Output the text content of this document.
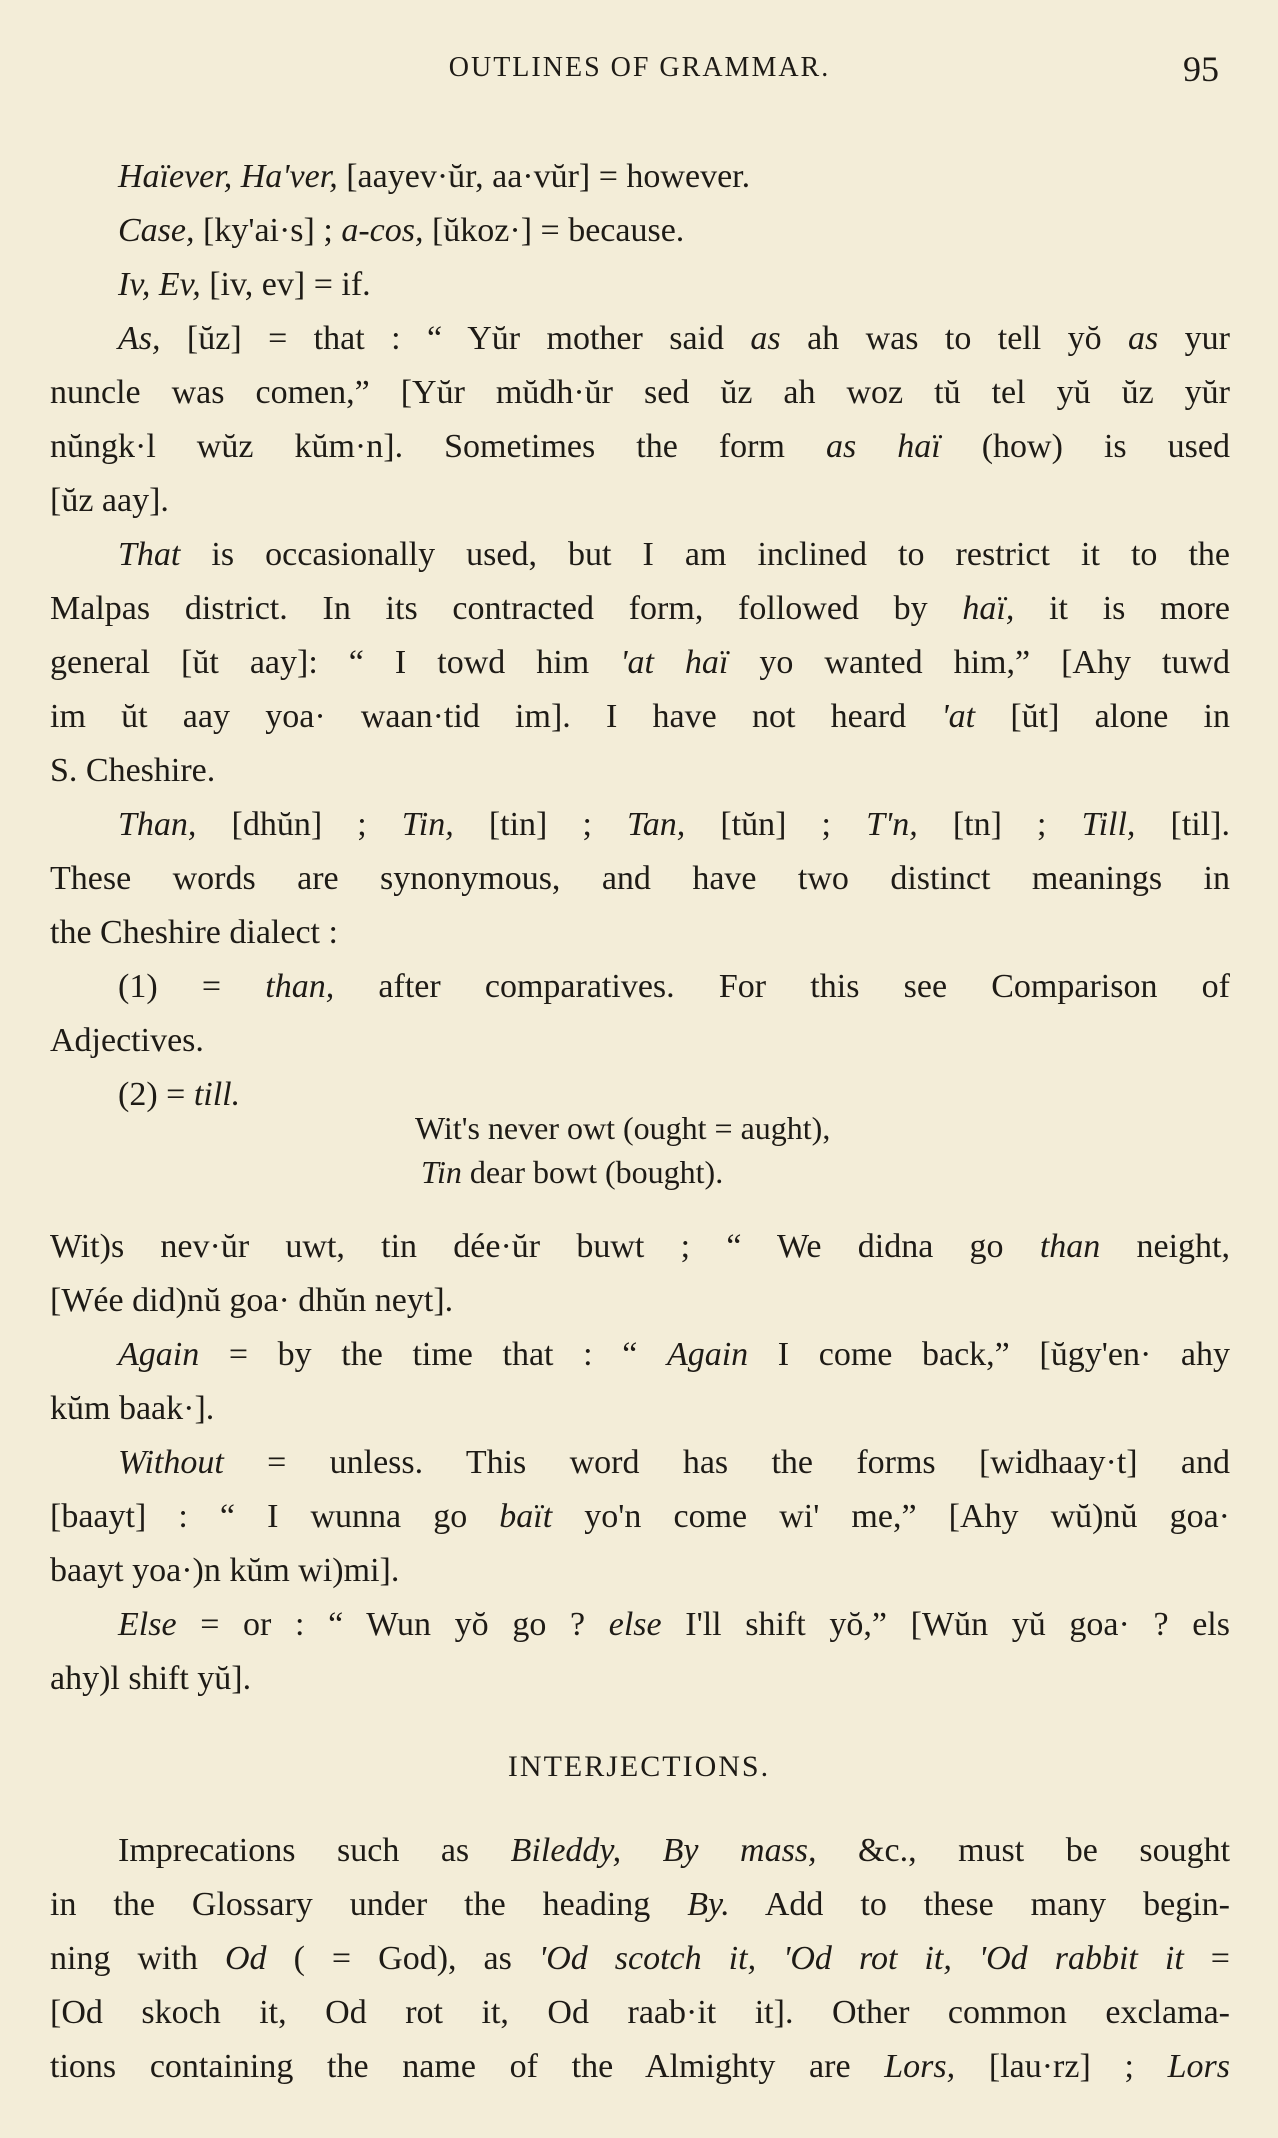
OUTLINES OF GRAMMAR.	95
Haïever, Ha'ver, [aayev·ŭr, aa·vŭr] = however.
Case, [ky'ai·s] ; a-cos, [ŭkoz·] = because.
Iv, Ev, [iv, ev] = if.
As, [ŭz] = that : “ Yŭr mother said as ah was to tell yŏ as yur
nuncle was comen,” [Yŭr mŭdh·ŭr sed ŭz ah woz tŭ tel yŭ ŭz yŭr
nŭngk·l wŭz kŭm·n]. Sometimes the form as haï (how) is used
[ŭz aay].
That is occasionally used, but I am inclined to restrict it to the
Malpas district. In its contracted form, followed by haï, it is more
general [ŭt aay]: “ I towd him 'at haï yo wanted him,” [Ahy tuwd
im ŭt aay yoa· waan·tid im]. I have not heard 'at [ŭt] alone in
S. Cheshire.
Than, [dhŭn] ; Tin, [tin] ; Tan, [tŭn] ; T'n, [tn] ; Till, [til].
These words are synonymous, and have two distinct meanings in
the Cheshire dialect :
(1) = than, after comparatives. For this see Comparison of
Adjectives.
(2) = till.
Wit)s nev·ŭr uwt, tin dée·ŭr buwt ; “ We didna go than neight,
[Wée did)nŭ goa· dhŭn neyt].
Again = by the time that : “ Again I come back,” [ŭgy'en· ahy
kŭm baak·].
Without = unless. This word has the forms [widhaay·t] and
[baayt] : “ I wunna go baït yo'n come wi' me,” [Ahy wŭ)nŭ goa·
baayt yoa·)n kŭm wi)mi].
Else = or : “ Wun yŏ go ? else I'll shift yŏ,” [Wŭn yŭ goa· ? els
ahy)l shift yŭ].
Imprecations such as Bileddy, By mass, &c., must be sought
in the Glossary under the heading By. Add to these many begin-
ning with Od ( = God), as 'Od scotch it, 'Od rot it, 'Od rabbit it =
[Od skoch it, Od rot it, Od raab·it it]. Other common exclama-
tions containing the name of the Almighty are Lors, [lau·rz] ; Lors
Wit's never owt (ought = aught),
Tin dear bowt (bought).
INTERJECTIONS.
